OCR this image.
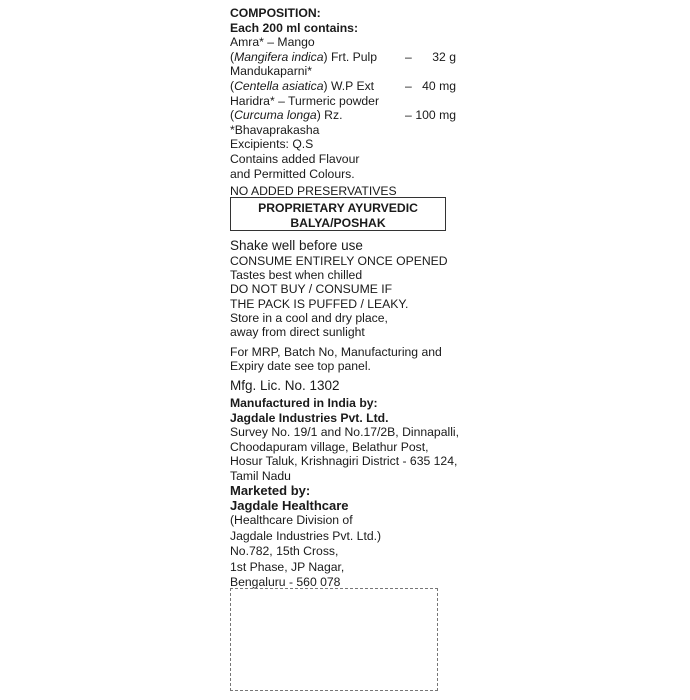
COMPOSITION:
Each 200 ml contains:
Amra* – Mango
(Mangifera indica) Frt. Pulp – 32 g
Mandukaparni*
(Centella asiatica) W.P Ext	– 40 mg
Haridra* – Turmeric powder
(Curcuma longa) Rz.	– 100 mg
*Bhavaprakasha
Excipients: Q.S
Contains added Flavour
and Permitted Colours.
NO ADDED PRESERVATIVES
PROPRIETARY AYURVEDIC
BALYA/POSHAK
Shake well before use
CONSUME ENTIRELY ONCE OPENED
Tastes best when chilled
DO NOT BUY / CONSUME IF
THE PACK IS PUFFED / LEAKY.
Store in a cool and dry place,
away from direct sunlight
For MRP, Batch No, Manufacturing and
Expiry date see top panel.
Mfg. Lic. No. 1302
Manufactured in India by:
Jagdale Industries Pvt. Ltd.
Survey No. 19/1 and No.17/2B, Dinnapalli,
Choodapuram village, Belathur Post,
Hosur Taluk, Krishnagiri District - 635 124,
Tamil Nadu
Marketed by:
Jagdale Healthcare
(Healthcare Division of
Jagdale Industries Pvt. Ltd.)
No.782, 15th Cross,
1st Phase, JP Nagar,
Bengaluru - 560 078
